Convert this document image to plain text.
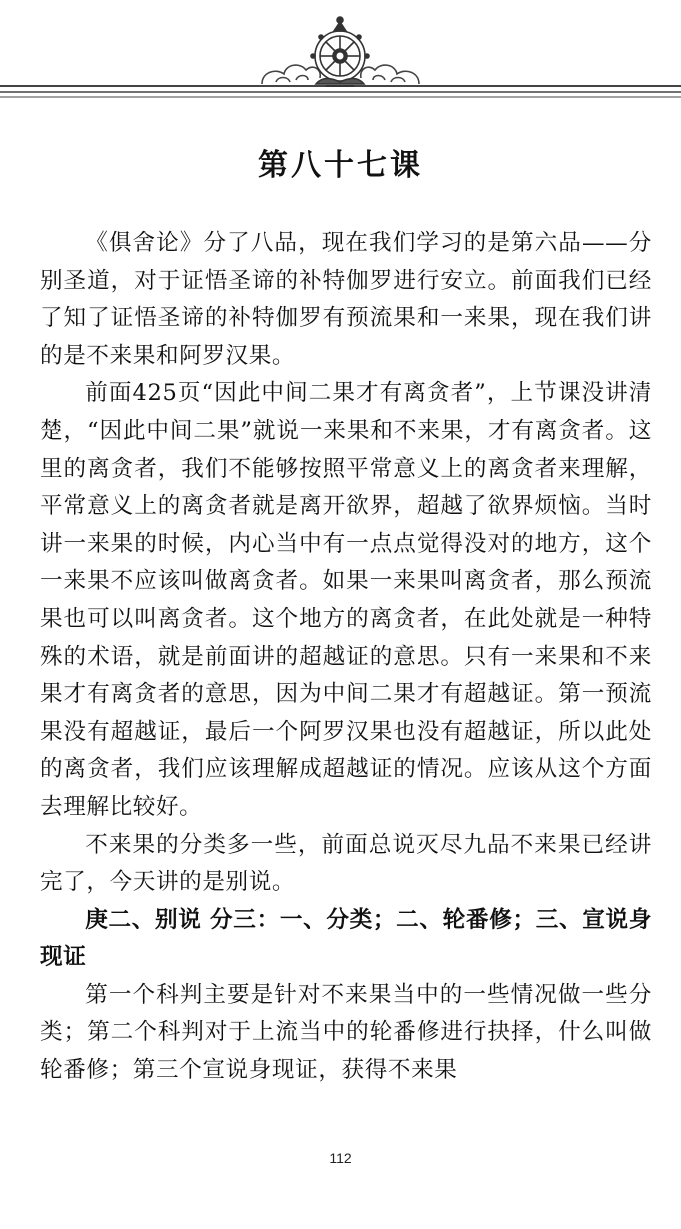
第八十七课

《俱舍论》分了八品，现在我们学习的是第六品——分别圣道，对于证悟圣谛的补特伽罗进行安立。前面我们已经了知了证悟圣谛的补特伽罗有预流果和一来果，现在我们讲的是不来果和阿罗汉果。

前面425页“因此中间二果才有离贪者”，上节课没讲清楚，“因此中间二果”就说一来果和不来果，才有离贪者。这里的离贪者，我们不能够按照平常意义上的离贪者来理解，平常意义上的离贪者就是离开欲界，超越了欲界烦恼。当时讲一来果的时候，内心当中有一点点觉得没对的地方，这个一来果不应该叫做离贪者。如果一来果叫离贪者，那么预流果也可以叫离贪者。这个地方的离贪者，在此处就是一种特殊的术语，就是前面讲的超越证的意思。只有一来果和不来果才有离贪者的意思，因为中间二果才有超越证。第一预流果没有超越证，最后一个阿罗汉果也没有超越证，所以此处的离贪者，我们应该理解成超越证的情况。应该从这个方面去理解比较好。

不来果的分类多一些，前面总说灭尽九品不来果已经讲完了，今天讲的是别说。

庚二、别说 分三：一、分类；二、轮番修；三、宣说身现证

第一个科判主要是针对不来果当中的一些情况做一些分类；第二个科判对于上流当中的轮番修进行抉择，什么叫做轮番修；第三个宣说身现证，获得不来果

112
